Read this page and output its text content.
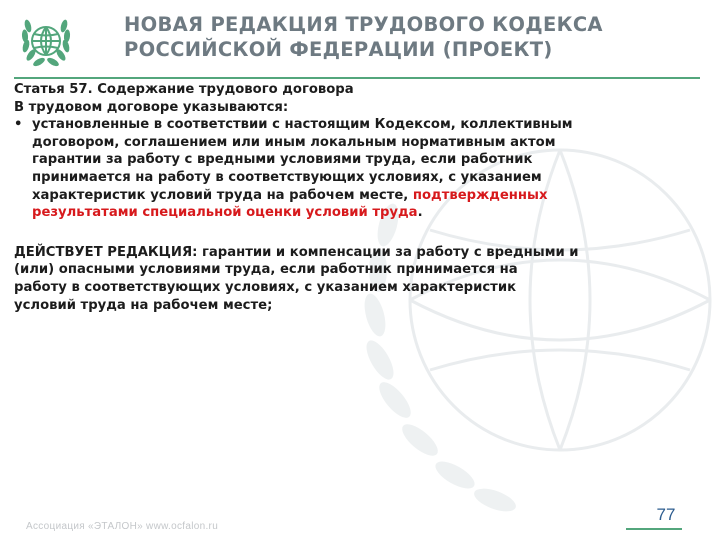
НОВАЯ РЕДАКЦИЯ ТРУДОВОГО КОДЕКСА
РОССИЙСКОЙ ФЕДЕРАЦИИ (ПРОЕКТ)
Статья 57. Содержание трудового договора
В трудовом договоре указываются:
• установленные в соответствии с настоящим Кодексом, коллективным
договором, соглашением или иным локальным нормативным актом
гарантии за работу с вредными условиями труда, если работник
принимается на работу в соответствующих условиях, с указанием
характеристик условий труда на рабочем месте, подтвержденных
результатами специальной оценки условий труда.
ДЕЙСТВУЕТ РЕДАКЦИЯ: гарантии и компенсации за работу с вредными и
(или) опасными условиями труда, если работник принимается на
работу в соответствующих условиях, с указанием характеристик
условий труда на рабочем месте;
Ассоциация «ЭТАЛОН» www.ocfalon.ru
77
